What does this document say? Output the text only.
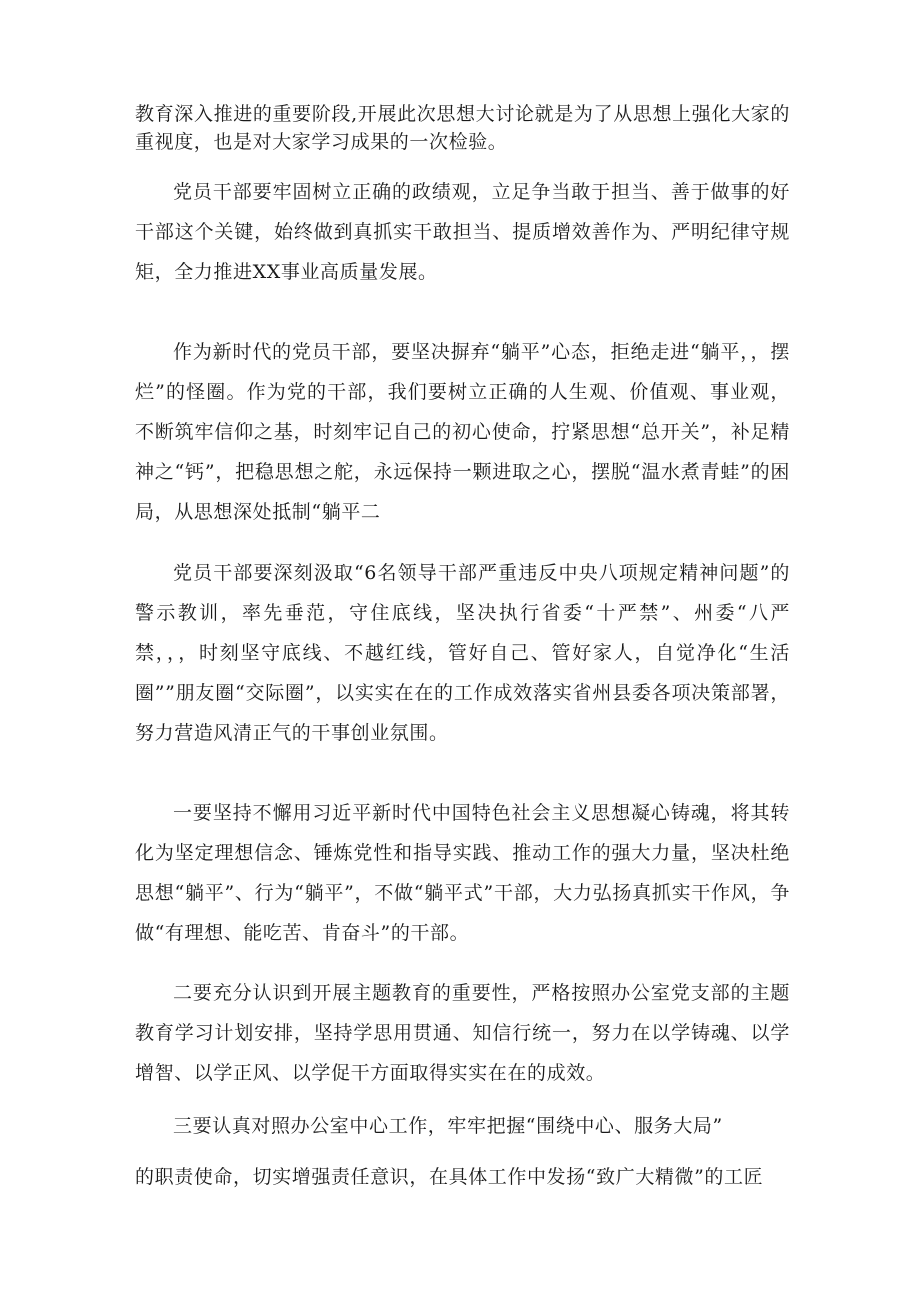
教育深入推进的重要阶段,开展此次思想大讨论就是为了从思想上强化大家的重视度，也是对大家学习成果的一次检验。

党员干部要牢固树立正确的政绩观，立足争当敢于担当、善于做事的好干部这个关键，始终做到真抓实干敢担当、提质增效善作为、严明纪律守规矩，全力推进XX事业高质量发展。

作为新时代的党员干部，要坚决摒弃“躺平”心态，拒绝走进“躺平，，摆烂”的怪圈。作为党的干部，我们要树立正确的人生观、价值观、事业观，不断筑牢信仰之基，时刻牢记自己的初心使命，拧紧思想“总开关”，补足精神之“钙”，把稳思想之舵，永远保持一颗进取之心，摆脱“温水煮青蛙”的困局，从思想深处抵制“躺平二

党员干部要深刻汲取“6名领导干部严重违反中央八项规定精神问题”的警示教训，率先垂范，守住底线，坚决执行省委“十严禁”、州委“八严禁，，，时刻坚守底线、不越红线，管好自己、管好家人，自觉净化“生活圈””朋友圈“交际圈”，以实实在在的工作成效落实省州县委各项决策部署，努力营造风清正气的干事创业氛围。

一要坚持不懈用习近平新时代中国特色社会主义思想凝心铸魂，将其转化为坚定理想信念、锤炼党性和指导实践、推动工作的强大力量，坚决杜绝思想“躺平”、行为“躺平”，不做“躺平式”干部，大力弘扬真抓实干作风，争做“有理想、能吃苦、肯奋斗”的干部。

二要充分认识到开展主题教育的重要性，严格按照办公室党支部的主题教育学习计划安排，坚持学思用贯通、知信行统一，努力在以学铸魂、以学增智、以学正风、以学促干方面取得实实在在的成效。

三要认真对照办公室中心工作，牢牢把握“围绕中心、服务大局”

的职责使命，切实增强责任意识，在具体工作中发扬“致广大精微”的工匠
